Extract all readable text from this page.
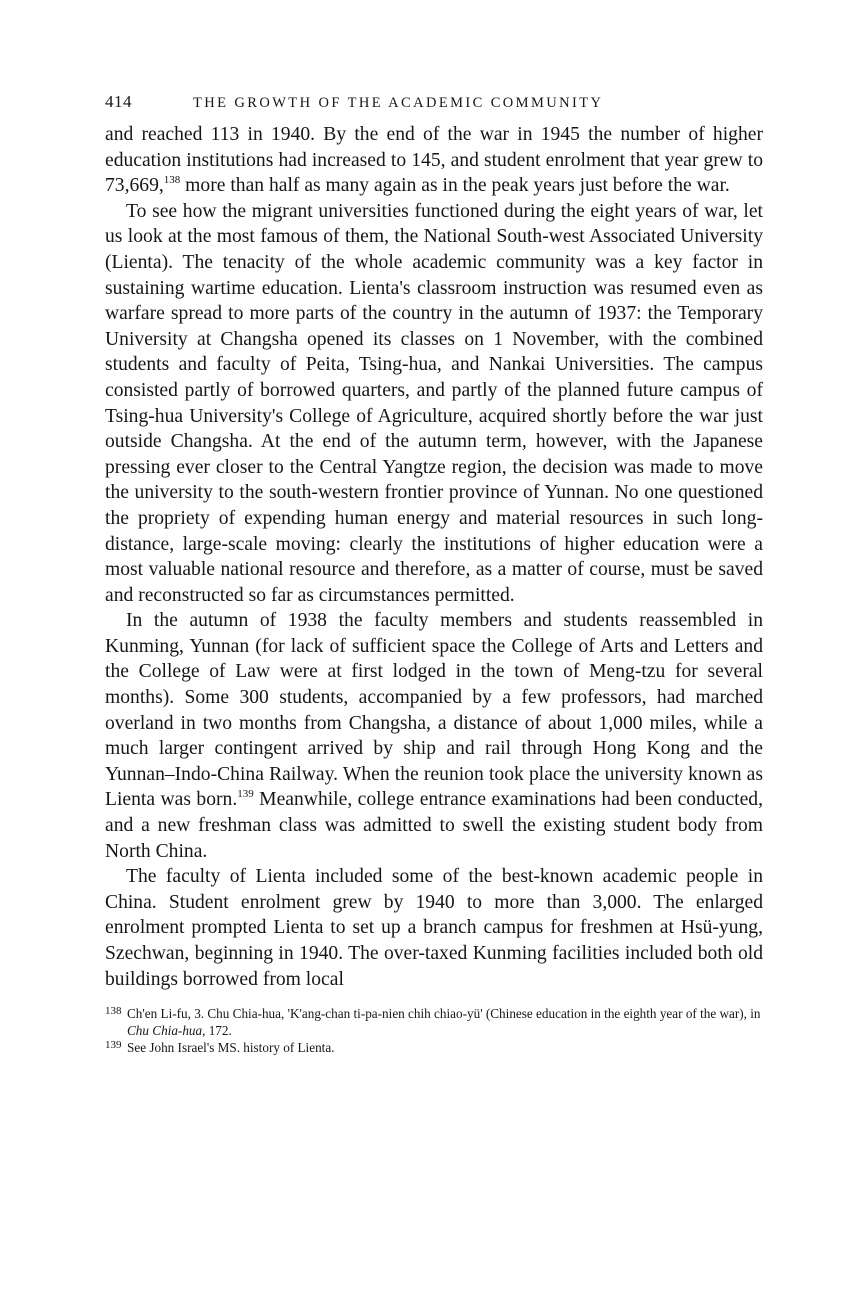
414	THE GROWTH OF THE ACADEMIC COMMUNITY

and reached 113 in 1940. By the end of the war in 1945 the number of higher education institutions had increased to 145, and student enrolment that year grew to 73,669,$^{138}$ more than half as many again as in the peak years just before the war.

To see how the migrant universities functioned during the eight years of war, let us look at the most famous of them, the National South-west Associated University (Lienta). The tenacity of the whole academic community was a key factor in sustaining wartime education. Lienta's classroom instruction was resumed even as warfare spread to more parts of the country in the autumn of 1937: the Temporary University at Changsha opened its classes on 1 November, with the combined students and faculty of Peita, Tsing-hua, and Nankai Universities. The campus consisted partly of borrowed quarters, and partly of the planned future campus of Tsing-hua University's College of Agriculture, acquired shortly before the war just outside Changsha. At the end of the autumn term, however, with the Japanese pressing ever closer to the Central Yangtze region, the decision was made to move the university to the south-western frontier province of Yunnan. No one questioned the propriety of expending human energy and material resources in such long-distance, large-scale moving: clearly the institutions of higher education were a most valuable national resource and therefore, as a matter of course, must be saved and reconstructed so far as circumstances permitted.

In the autumn of 1938 the faculty members and students reassembled in Kunming, Yunnan (for lack of sufficient space the College of Arts and Letters and the College of Law were at first lodged in the town of Meng-tzu for several months). Some 300 students, accompanied by a few professors, had marched overland in two months from Changsha, a distance of about 1,000 miles, while a much larger contingent arrived by ship and rail through Hong Kong and the Yunnan–Indo-China Railway. When the reunion took place the university known as Lienta was born.$^{139}$ Meanwhile, college entrance examinations had been conducted, and a new freshman class was admitted to swell the existing student body from North China.

The faculty of Lienta included some of the best-known academic people in China. Student enrolment grew by 1940 to more than 3,000. The enlarged enrolment prompted Lienta to set up a branch campus for freshmen at Hsü-yung, Szechwan, beginning in 1940. The over-taxed Kunming facilities included both old buildings borrowed from local

138 Ch'en Li-fu, 3. Chu Chia-hua, 'K'ang-chan ti-pa-nien chih chiao-yü' (Chinese education in the eighth year of the war), in Chu Chia-hua, 172.
139 See John Israel's MS. history of Lienta.
